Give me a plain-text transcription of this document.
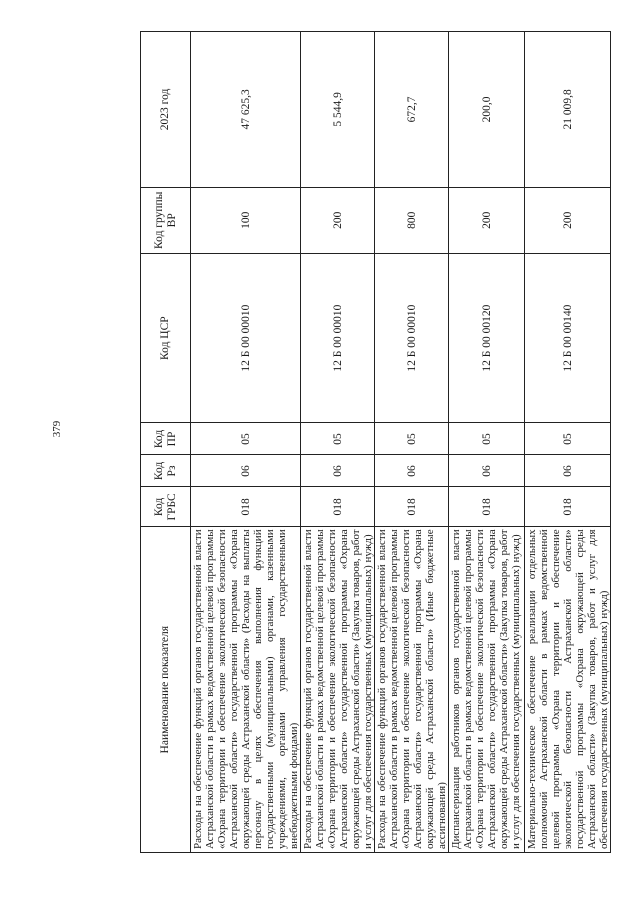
379
Наименование показателя	Код ГРБС	Код Рз	Код ПР	Код ЦСР	Код группы ВР	2023 год
Расходы на обеспечение функций органов государственной власти Астраханской области в рамках ведомственной целевой программы «Охрана территории и обеспечение экологической безопасности Астраханской области» государственной программы «Охрана окружающей среды Астраханской области» (Расходы на выплаты персоналу в целях обеспечения выполнения функций государственными (муниципальными) органами, казенными учреждениями, органами управления государственными внебюджетными фондами)	018	06	05	12 Б 00 00010	100	47 625,3
Расходы на обеспечение функций органов государственной власти Астраханской области в рамках ведомственной целевой программы «Охрана территории и обеспечение экологической безопасности Астраханской области» государственной программы «Охрана окружающей среды Астраханской области» (Закупка товаров, работ и услуг для обеспечения государственных (муниципальных) нужд)	018	06	05	12 Б 00 00010	200	5 544,9
Расходы на обеспечение функций органов государственной власти Астраханской области в рамках ведомственной целевой программы «Охрана территории и обеспечение экологической безопасности Астраханской области» государственной программы «Охрана окружающей среды Астраханской области» (Иные бюджетные ассигнования)	018	06	05	12 Б 00 00010	800	672,7
Диспансеризация работников органов государственной власти Астраханской области в рамках ведомственной целевой программы «Охрана территории и обеспечение экологической безопасности Астраханской области» государственной программы «Охрана окружающей среды Астраханской области» (Закупка товаров, работ и услуг для обеспечения государственных (муниципальных) нужд)	018	06	05	12 Б 00 00120	200	200,0
Материально-техническое обеспечение реализации отдельных полномочий Астраханской области в рамках ведомственной целевой программы «Охрана территории и обеспечение экологической безопасности Астраханской области» государственной программы «Охрана окружающей среды Астраханской области» (Закупка товаров, работ и услуг для обеспечения государственных (муниципальных) нужд)	018	06	05	12 Б 00 00140	200	21 009,8
